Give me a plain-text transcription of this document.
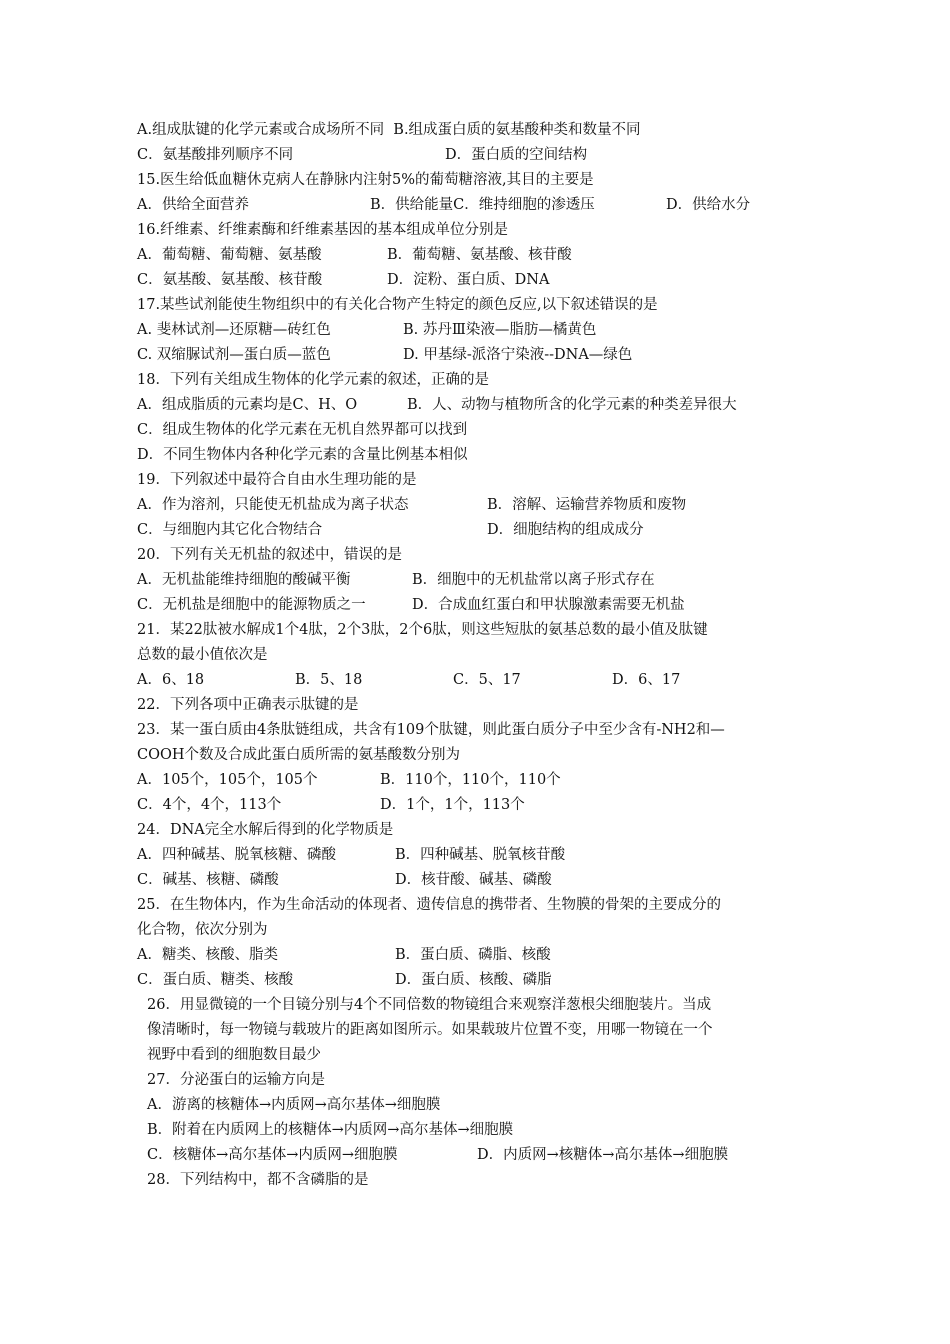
A.组成肽键的化学元素或合成场所不同  B.组成蛋白质的氨基酸种类和数量不同
C．氨基酸排列顺序不同	D．蛋白质的空间结构
15.医生给低血糖休克病人在静脉内注射5%的葡萄糖溶液,其目的主要是
A．供给全面营养	B．供给能量C．维持细胞的渗透压	D．供给水分
16.纤维素、纤维素酶和纤维素基因的基本组成单位分别是
A．葡萄糖、葡萄糖、氨基酸	B．葡萄糖、氨基酸、核苷酸
C．氨基酸、氨基酸、核苷酸	D．淀粉、蛋白质、DNA
17.某些试剂能使生物组织中的有关化合物产生特定的颜色反应,以下叙述错误的是
A. 斐林试剂—还原糖—砖红色	B. 苏丹Ⅲ染液—脂肪—橘黄色
C. 双缩脲试剂—蛋白质—蓝色	D. 甲基绿-派洛宁染液--DNA—绿色
18．下列有关组成生物体的化学元素的叙述，正确的是
A．组成脂质的元素均是C、H、O	B．人、动物与植物所含的化学元素的种类差异很大
C．组成生物体的化学元素在无机自然界都可以找到
D．不同生物体内各种化学元素的含量比例基本相似
19．下列叙述中最符合自由水生理功能的是
A．作为溶剂，只能使无机盐成为离子状态	B．溶解、运输营养物质和废物
C．与细胞内其它化合物结合	D．细胞结构的组成成分
20．下列有关无机盐的叙述中，错误的是
A．无机盐能维持细胞的酸碱平衡	B．细胞中的无机盐常以离子形式存在
C．无机盐是细胞中的能源物质之一	D．合成血红蛋白和甲状腺激素需要无机盐
21．某22肽被水解成1个4肽，2个3肽，2个6肽，则这些短肽的氨基总数的最小值及肽键
总数的最小值依次是
A．6、18	B．5、18	C．5、17	D．6、17
22．下列各项中正确表示肽键的是
23．某一蛋白质由4条肽链组成，共含有109个肽键，则此蛋白质分子中至少含有-NH2和—
COOH个数及合成此蛋白质所需的氨基酸数分别为
A．105个，105个，105个	B．110个，110个，110个
C．4个，4个，113个	D．1个，1个，113个
24．DNA完全水解后得到的化学物质是
A．四种碱基、脱氧核糖、磷酸	B．四种碱基、脱氧核苷酸
C．碱基、核糖、磷酸	D．核苷酸、碱基、磷酸
25．在生物体内，作为生命活动的体现者、遗传信息的携带者、生物膜的骨架的主要成分的
化合物，依次分别为
A．糖类、核酸、脂类	B．蛋白质、磷脂、核酸
C．蛋白质、糖类、核酸	D．蛋白质、核酸、磷脂
26．用显微镜的一个目镜分别与4个不同倍数的物镜组合来观察洋葱根尖细胞装片。当成
像清晰时，每一物镜与载玻片的距离如图所示。如果载玻片位置不变，用哪一物镜在一个
视野中看到的细胞数目最少
27．分泌蛋白的运输方向是
A．游离的核糖体→内质网→高尔基体→细胞膜
B．附着在内质网上的核糖体→内质网→高尔基体→细胞膜
C．核糖体→高尔基体→内质网→细胞膜	D．内质网→核糖体→高尔基体→细胞膜
28．下列结构中，都不含磷脂的是
